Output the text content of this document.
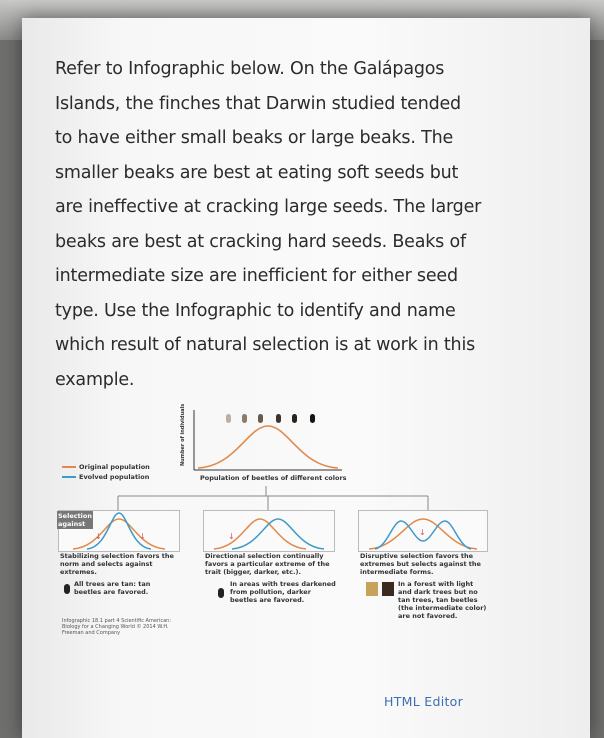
Refer to Infographic below. On the Galápagos
Islands, the finches that Darwin studied tended
to have either small beaks or large beaks. The
smaller beaks are best at eating soft seeds but
are ineffective at cracking large seeds. The larger
beaks are best at cracking hard seeds. Beaks of
intermediate size are inefficient for either seed
type. Use the Infographic to identify and name
which result of natural selection is at work in this
example.
Number of individuals
Population of beetles of different colors
Original population
Evolved population
Selection against
↓	↓
Stabilizing selection favors the norm and selects against extremes.
All trees are tan: tan beetles are favored.
↓
Directional selection continually favors a particular extreme of the trait (bigger, darker, etc.).
In areas with trees darkened from pollution, darker beetles are favored.
↓
Disruptive selection favors the extremes but selects against the intermediate forms.
In a forest with light and dark trees but no tan trees, tan beetles (the intermediate color) are not favored.
Infographic 18.1 part 4 Scientific American: Biology for a Changing World © 2014 W.H. Freeman and Company
HTML Editor
